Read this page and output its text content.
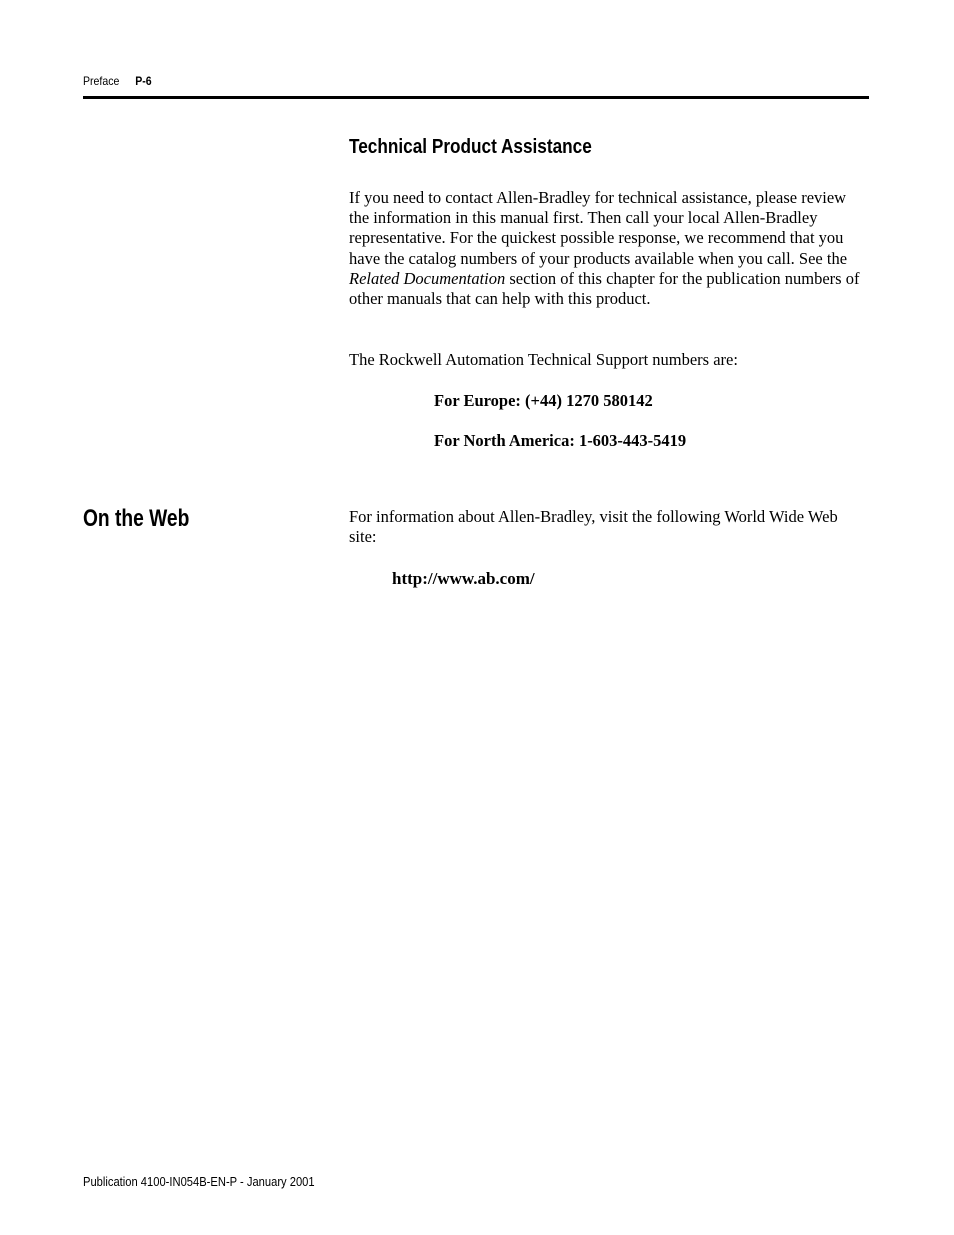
Preface P-6
Technical Product Assistance

If you need to contact Allen-Bradley for technical assistance, please review the information in this manual first. Then call your local Allen-Bradley representative. For the quickest possible response, we recommend that you have the catalog numbers of your products available when you call. See the Related Documentation section of this chapter for the publication numbers of other manuals that can help with this product.

The Rockwell Automation Technical Support numbers are:

For Europe: (+44) 1270 580142
For North America: 1-603-443-5419
On the Web	For information about Allen-Bradley, visit the following World Wide Web site:

http://www.ab.com/
Publication 4100-IN054B-EN-P - January 2001
